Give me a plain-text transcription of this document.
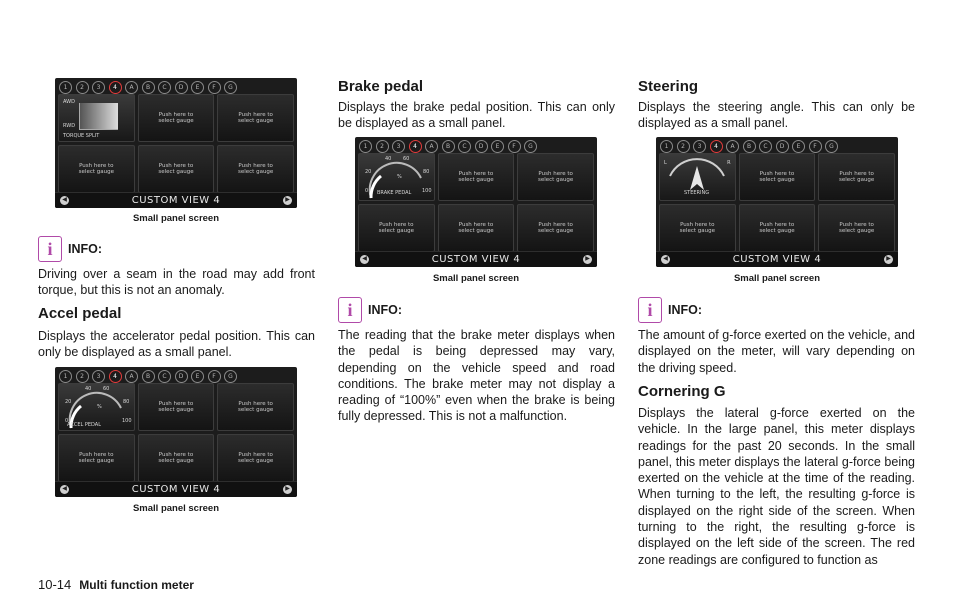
1	2	3	4	A	B	C	D	E	F	G
AWD
RWD
TORQUE SPLIT
Push here to
select gauge
Push here to
select gauge
Push here to
select gauge
Push here to
select gauge
Push here to
select gauge
◀	CUSTOM VIEW 4	▶
Small panel screen
i	INFO:
Driving over a seam in the road may add front torque, but this is not an anomaly.
Accel pedal
Displays the accelerator pedal position. This can only be displayed as a small panel.
1	2	3	4	A	B	C	D	E	F	G
40 60
20	80
0	100
%
ACCEL PEDAL
Push here to
select gauge
Push here to
select gauge
Push here to
select gauge
Push here to
select gauge
Push here to
select gauge
◀	CUSTOM VIEW 4	▶
Small panel screen
Brake pedal
Displays the brake pedal position. This can only be displayed as a small panel.
1	2	3	4	A	B	C	D	E	F	G
40 60
20	80
0	100
%
BRAKE PEDAL
Push here to
select gauge
Push here to
select gauge
Push here to
select gauge
Push here to
select gauge
Push here to
select gauge
◀	CUSTOM VIEW 4	▶
Small panel screen
i	INFO:
The reading that the brake meter displays when the pedal is being depressed may vary, depending on the vehicle speed and road conditions. The brake meter may not display a reading of “100%” even when the brake is being fully depressed. This is not a malfunction.
Steering
Displays the steering angle. This can only be displayed as a small panel.
1	2	3	4	A	B	C	D	E	F	G
L	R
STEERING
Push here to
select gauge
Push here to
select gauge
Push here to
select gauge
Push here to
select gauge
Push here to
select gauge
◀	CUSTOM VIEW 4	▶
Small panel screen
i	INFO:
The amount of g-force exerted on the vehicle, and displayed on the meter, will vary depending on the driving speed.
Cornering G
Displays the lateral g-force exerted on the vehicle. In the large panel, this meter displays readings for the past 20 seconds. In the small panel, this meter displays the lateral g-force being exerted on the vehicle at the time of the reading. When turning to the left, the resulting g-force is displayed on the right side of the screen. When turning to the right, the resulting g-force is displayed on the left side of the screen. The red zone readings are configured to function as
10-14 Multi function meter
